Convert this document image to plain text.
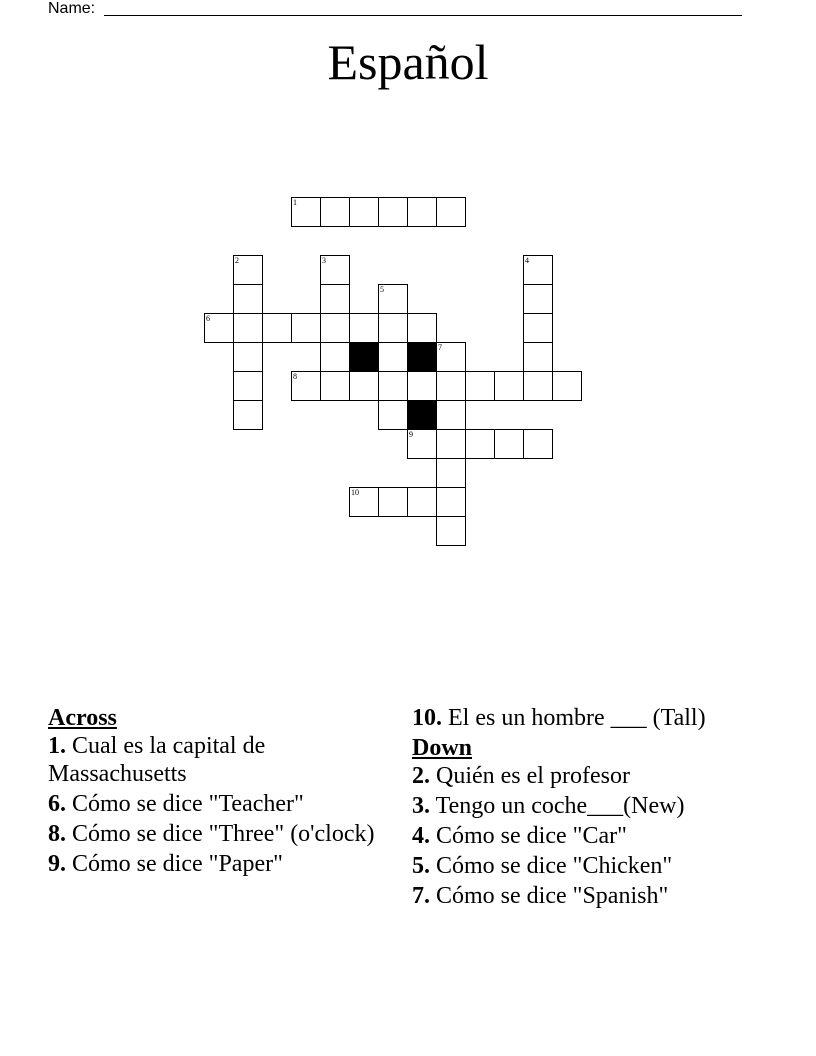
Name:
Español
1
2	3	4
5
6
7
8
9
10

Across

1. Cual es la capital de Massachusetts

6. Cómo se dice "Teacher"

8. Cómo se dice "Three" (o'clock)

9. Cómo se dice "Paper"

10. El es un hombre ___ (Tall)

Down

2. Quién es el profesor

3. Tengo un coche___(New)

4. Cómo se dice "Car"

5. Cómo se dice "Chicken"

7. Cómo se dice "Spanish"
